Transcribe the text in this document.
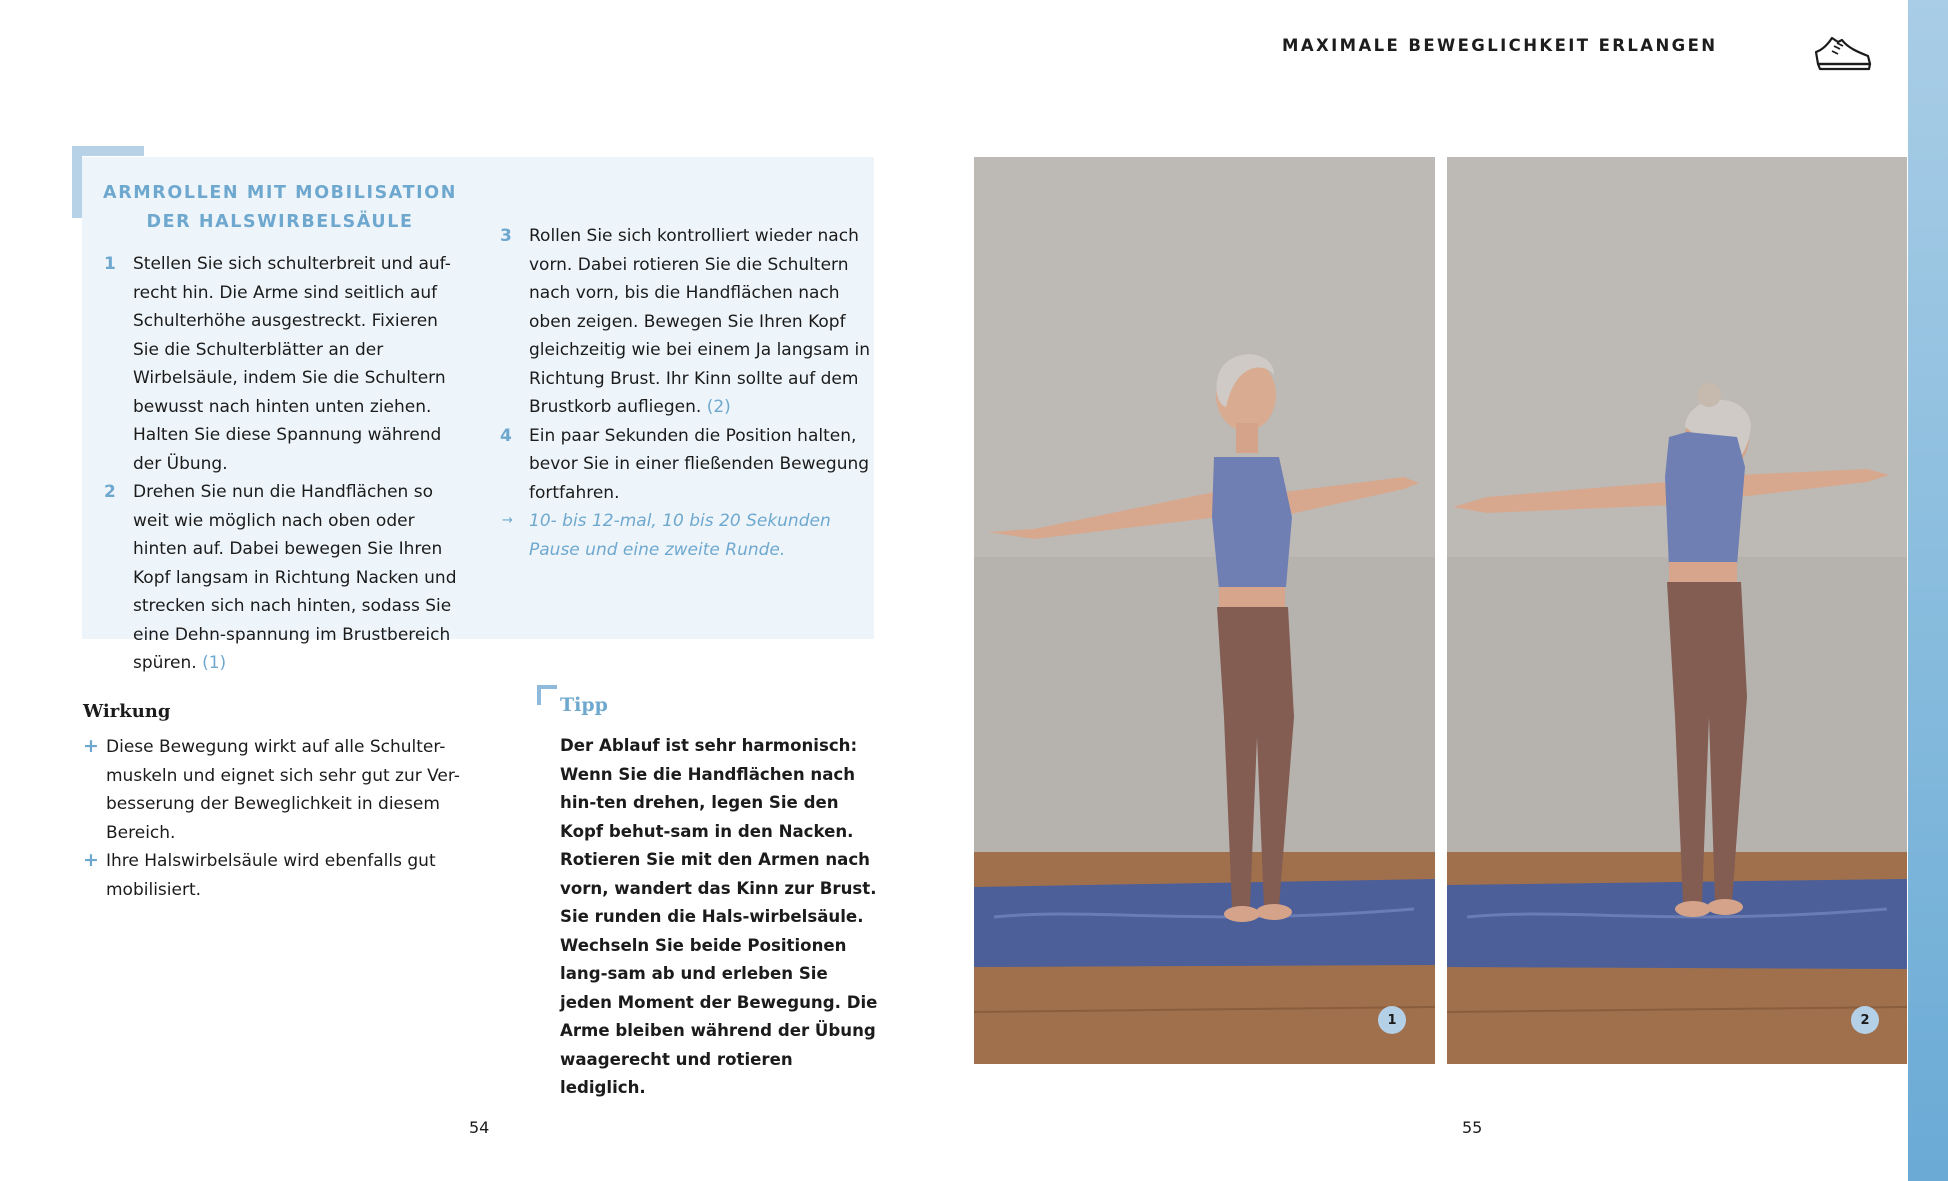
ARMROLLEN MIT MOBILISATION
DER HALSWIRBELSÄULE
1 Stellen Sie sich schulterbreit und auf-recht hin. Die Arme sind seitlich auf Schulterhöhe ausgestreckt. Fixieren Sie die Schulterblätter an der Wirbelsäule, indem Sie die Schultern bewusst nach hinten unten ziehen. Halten Sie diese Spannung während der Übung.
2 Drehen Sie nun die Handflächen so weit wie möglich nach oben oder hinten auf. Dabei bewegen Sie Ihren Kopf langsam in Richtung Nacken und strecken sich nach hinten, sodass Sie eine Dehn-spannung im Brustbereich spüren. (1)
3 Rollen Sie sich kontrolliert wieder nach vorn. Dabei rotieren Sie die Schultern nach vorn, bis die Handflächen nach oben zeigen. Bewegen Sie Ihren Kopf gleichzeitig wie bei einem Ja langsam in Richtung Brust. Ihr Kinn sollte auf dem Brustkorb aufliegen. (2)
4 Ein paar Sekunden die Position halten, bevor Sie in einer fließenden Bewegung fortfahren.
→ 10- bis 12-mal, 10 bis 20 Sekunden Pause und eine zweite Runde.
Wirkung
+ Diese Bewegung wirkt auf alle Schulter-muskeln und eignet sich sehr gut zur Ver-besserung der Beweglichkeit in diesem Bereich.
+ Ihre Halswirbelsäule wird ebenfalls gut mobilisiert.
Tipp

Der Ablauf ist sehr harmonisch: Wenn Sie die Handflächen nach hin-ten drehen, legen Sie den Kopf behut-sam in den Nacken. Rotieren Sie mit den Armen nach vorn, wandert das Kinn zur Brust. Sie runden die Hals-wirbelsäule.

Wechseln Sie beide Positionen lang-sam ab und erleben Sie jeden Moment der Bewegung. Die Arme bleiben während der Übung waagerecht und rotieren lediglich.

54
MAXIMALE BEWEGLICHKEIT ERLANGEN
55
1	2
